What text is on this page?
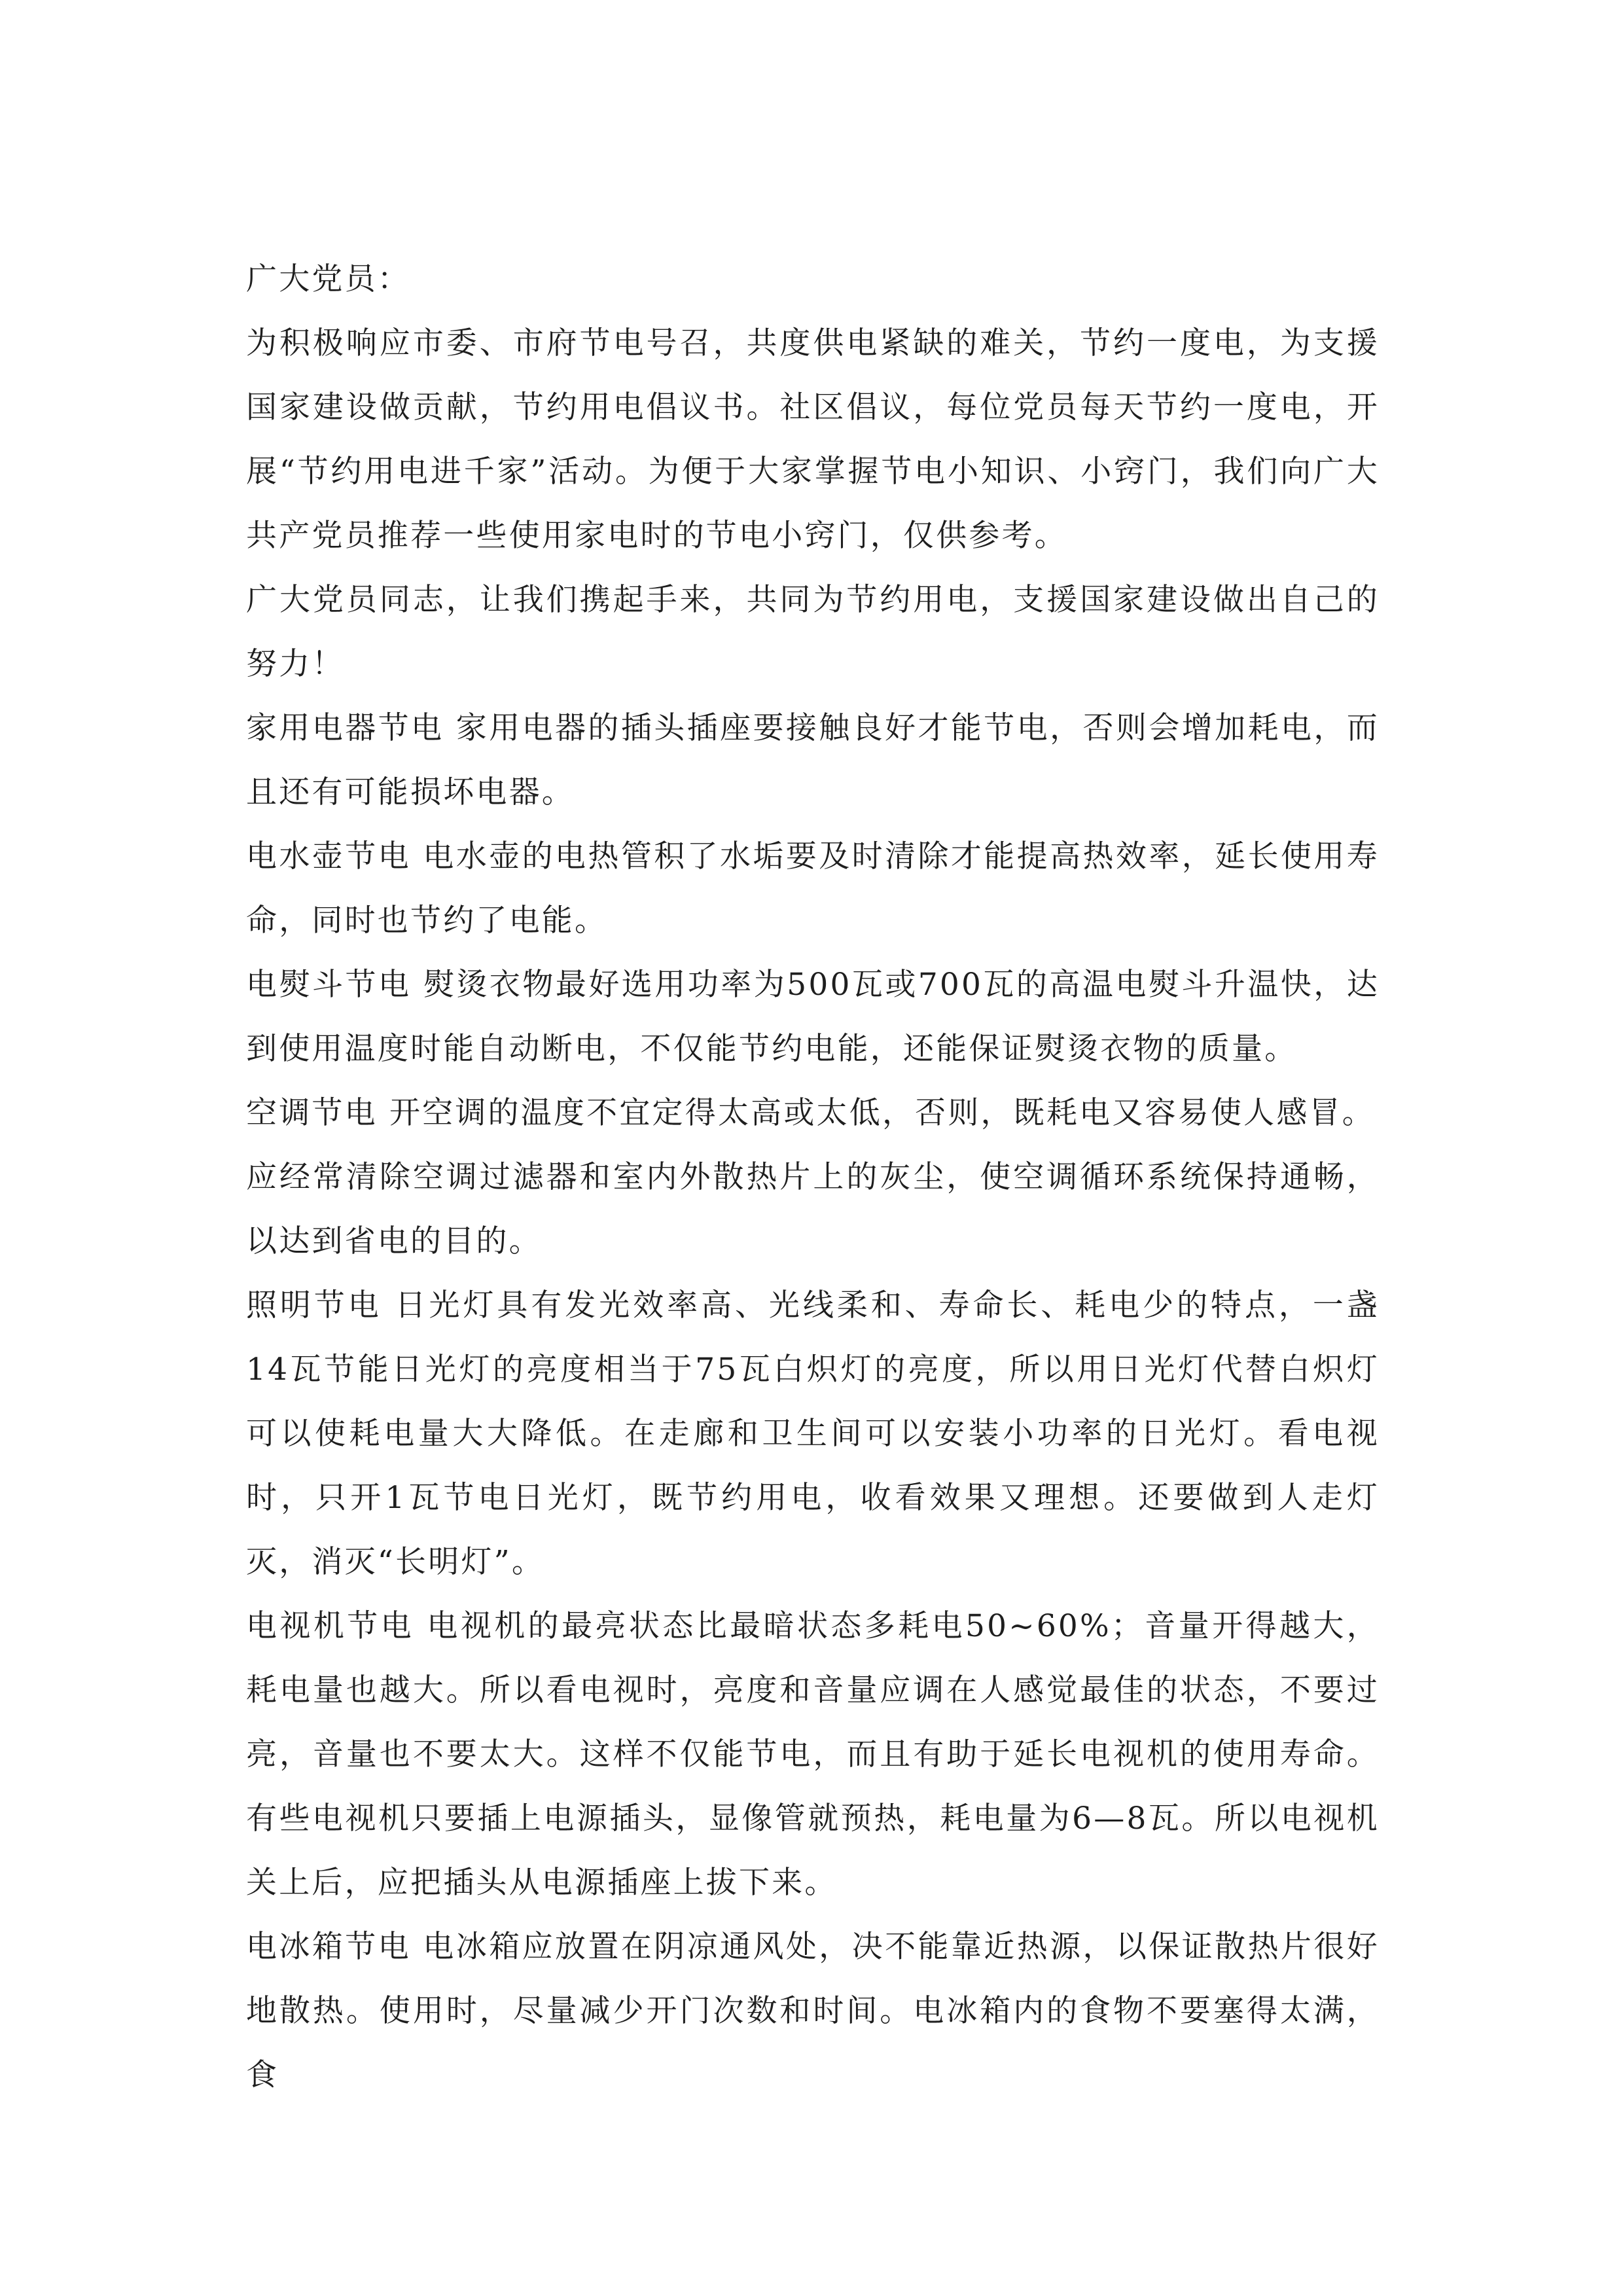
广大党员：

为积极响应市委、市府节电号召，共度供电紧缺的难关，节约一度电，为支援国家建设做贡献，节约用电倡议书。社区倡议，每位党员每天节约一度电，开展“节约用电进千家”活动。为便于大家掌握节电小知识、小窍门，我们向广大共产党员推荐一些使用家电时的节电小窍门，仅供参考。

广大党员同志，让我们携起手来，共同为节约用电，支援国家建设做出自己的努力！

家用电器节电 家用电器的插头插座要接触良好才能节电，否则会增加耗电，而且还有可能损坏电器。

电水壶节电 电水壶的电热管积了水垢要及时清除才能提高热效率，延长使用寿命，同时也节约了电能。

电熨斗节电 熨烫衣物最好选用功率为500瓦或700瓦的高温电熨斗升温快，达到使用温度时能自动断电，不仅能节约电能，还能保证熨烫衣物的质量。

空调节电 开空调的温度不宜定得太高或太低，否则，既耗电又容易使人感冒。

应经常清除空调过滤器和室内外散热片上的灰尘，使空调循环系统保持通畅，以达到省电的目的。

照明节电 日光灯具有发光效率高、光线柔和、寿命长、耗电少的特点，一盏14瓦节能日光灯的亮度相当于75瓦白炽灯的亮度，所以用日光灯代替白炽灯可以使耗电量大大降低。在走廊和卫生间可以安装小功率的日光灯。看电视时，只开1瓦节电日光灯，既节约用电，收看效果又理想。还要做到人走灯灭，消灭“长明灯”。

电视机节电 电视机的最亮状态比最暗状态多耗电50~60%；音量开得越大，耗电量也越大。所以看电视时，亮度和音量应调在人感觉最佳的状态，不要过亮，音量也不要太大。这样不仅能节电，而且有助于延长电视机的使用寿命。有些电视机只要插上电源插头，显像管就预热，耗电量为6—8瓦。所以电视机关上后，应把插头从电源插座上拔下来。

电冰箱节电 电冰箱应放置在阴凉通风处，决不能靠近热源，以保证散热片很好地散热。使用时，尽量减少开门次数和时间。电冰箱内的食物不要塞得太满，食
